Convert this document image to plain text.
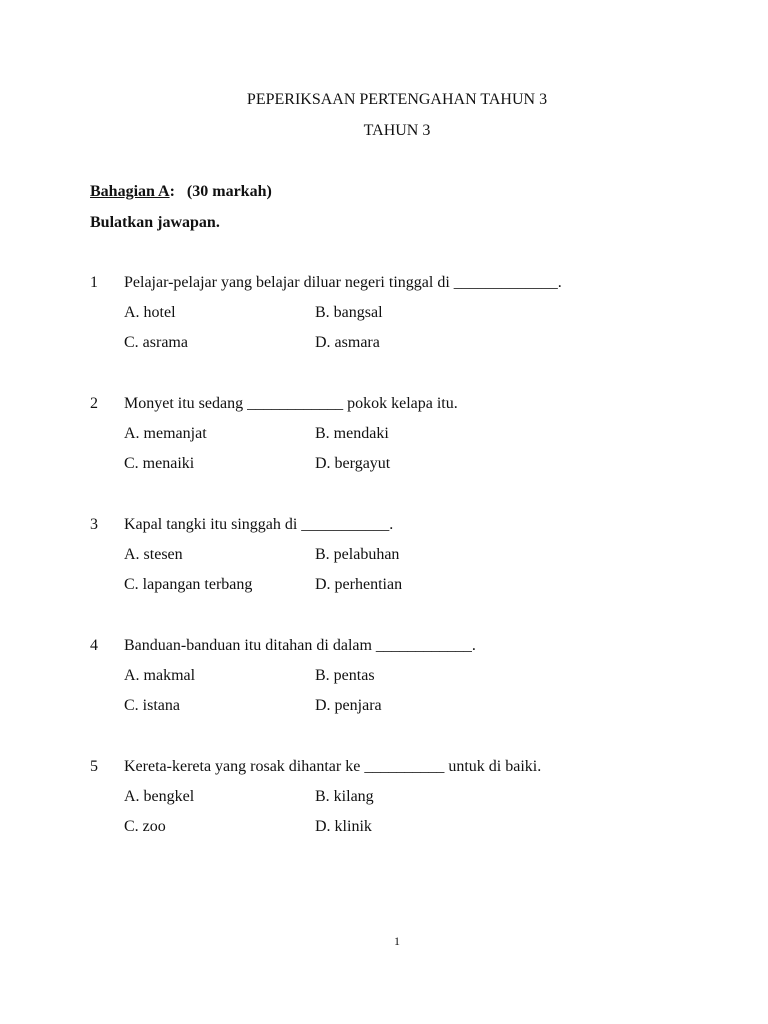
PEPERIKSAAN PERTENGAHAN TAHUN 3
TAHUN 3
Bahagian A: (30 markah)
Bulatkan jawapan.
1 Pelajar-pelajar yang belajar diluar negeri tinggal di _____________.
A. hotel	B. bangsal
C. asrama	D. asmara
2 Monyet itu sedang ____________ pokok kelapa itu.
A. memanjat	B. mendaki
C. menaiki	D. bergayut
3 Kapal tangki itu singgah di ___________.
A. stesen	B. pelabuhan
C. lapangan terbang	D. perhentian
4 Banduan-banduan itu ditahan di dalam ____________.
A. makmal	B. pentas
C. istana	D. penjara
5 Kereta-kereta yang rosak dihantar ke __________ untuk di baiki.
A. bengkel	B. kilang
C. zoo	D. klinik
1
